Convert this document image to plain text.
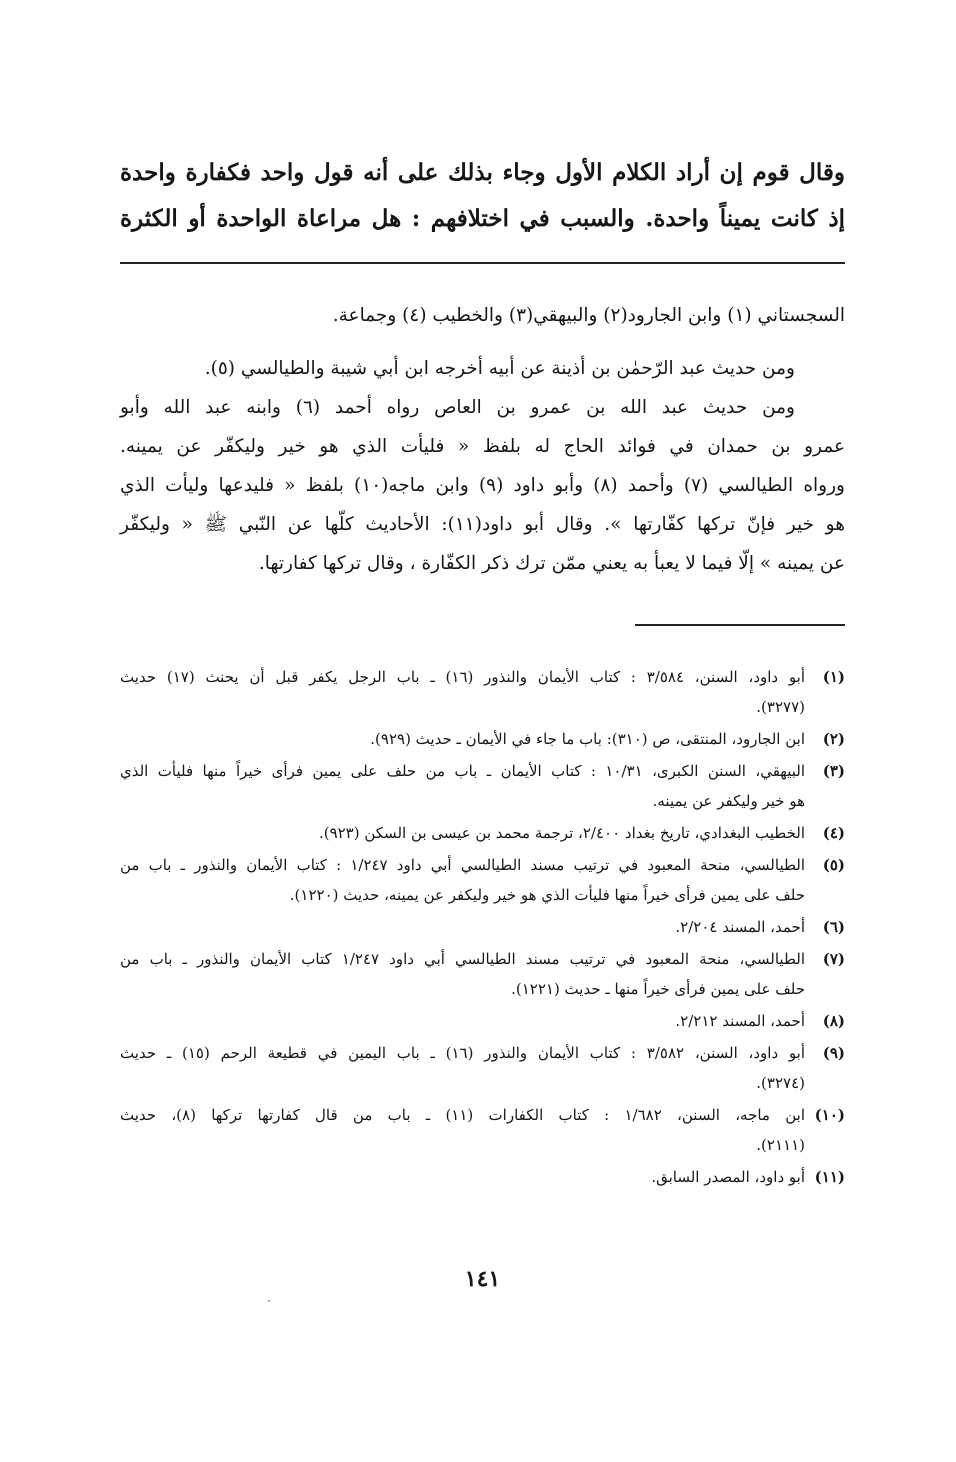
وقال قوم إن أراد الكلام الأول وجاء بذلك على أنه قول واحد فكفارة واحدة

إذ كانت يميناً واحدة. والسبب في اختلافهم : هل مراعاة الواحدة أو الكثرة

السجستاني (١) وابن الجارود(٢) والبيهقي(٣) والخطيب (٤) وجماعة.

ومن حديث عبد الرّحمٰن بن أذينة عن أبيه أخرجه ابن أبي شيبة والطيالسي (٥).

ومن حديث عبد الله بن عمرو بن العاص رواه أحمد (٦) وابنه عبد الله وأبو

عمرو بن حمدان في فوائد الحاج له بلفظ « فليأت الذي هو خير وليكفّر عن يمينه.

ورواه الطيالسي (٧) وأحمد (٨) وأبو داود (٩) وابن ماجه(١٠) بلفظ « فليدعها وليأت الذي

هو خير فإنّ تركها كفّارتها ». وقال أبو داود(١١): الأحاديث كلّها عن النّبي ﷺ « وليكفّر

عن يمينه » إلّا فيما لا يعبأ به يعني ممّن ترك ذكر الكفّارة ، وقال تركها كفارتها.

(١)
أبو داود، السنن، ٣/٥٨٤ : كتاب الأيمان والنذور (١٦) ـ باب الرجل يكفر قبل أن يحنث (١٧) حديث
(٣٢٧٧).
(٢)
ابن الجارود، المنتقى، ص (٣١٠): باب ما جاء في الأيمان ـ حديث (٩٢٩).
(٣)
البيهقي، السنن الكبرى، ١٠/٣١ : كتاب الأيمان ـ باب من حلف على يمين فرأى خيراً منها فليأت الذي
هو خير وليكفر عن يمينه.
(٤)
الخطيب البغدادي، تاريخ بغداد ٢/٤٠٠، ترجمة محمد بن عيسى بن السكن (٩٢٣).
(٥)
الطيالسي، منحة المعبود في ترتيب مسند الطيالسي أبي داود ١/٢٤٧ : كتاب الأيمان والنذور ـ باب من
حلف على يمين فرأى خيراً منها فليأت الذي هو خير وليكفر عن يمينه، حديث (١٢٢٠).
(٦)
أحمد، المسند ٢/٢٠٤.
(٧)
الطيالسي، منحة المعبود في ترتيب مسند الطيالسي أبي داود ١/٢٤٧ كتاب الأيمان والنذور ـ باب من
حلف على يمين فرأى خيراً منها ـ حديث (١٢٢١).
(٨)
أحمد، المسند ٢/٢١٢.
(٩)
أبو داود، السنن، ٣/٥٨٢ : كتاب الأيمان والنذور (١٦) ـ باب اليمين في قطيعة الرحم (١٥) ـ حديث
(٣٢٧٤).
(١٠)
ابن ماجه، السنن، ١/٦٨٢ : كتاب الكفارات (١١) ـ باب من قال كفارتها تركها (٨)، حديث
(٢١١١).
(١١)
أبو داود، المصدر السابق.
١٤١
